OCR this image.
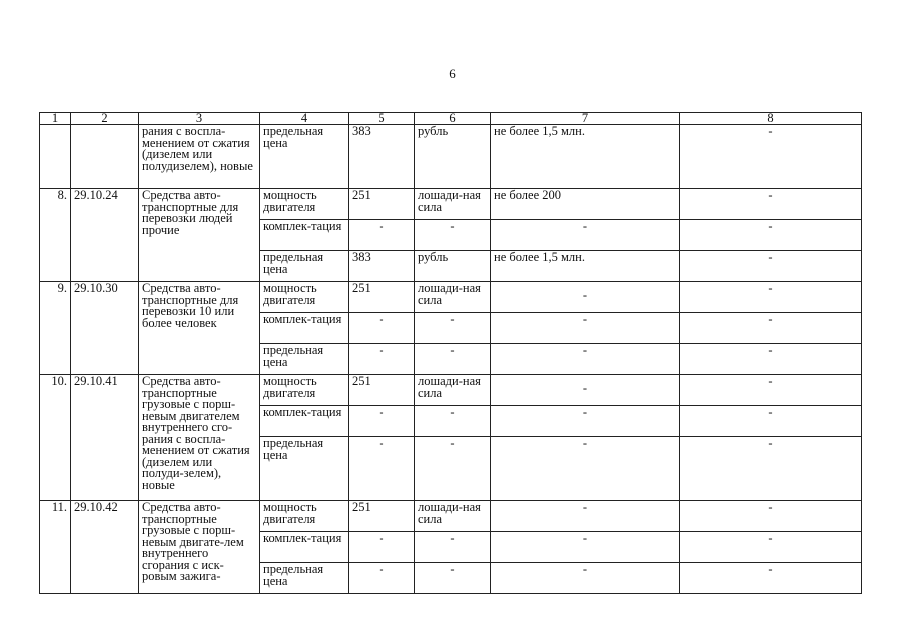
6
1	2	3	4	5	6	7	8
		рания с воспла-менением от сжатия (дизелем или полудизелем), новые	предельная цена	383	рубль	не более 1,5 млн.	-
8.	29.10.24	Средства авто-транспортные для перевозки людей прочие	мощность двигателя	251	лошади-ная сила	не более 200	-
			комплек-тация	-	-	-	-
			предельная цена	383	рубль	не более 1,5 млн.	-
9.	29.10.30	Средства авто-транспортные для перевозки 10 или более человек	мощность двигателя	251	лошади-ная сила	-	-
			комплек-тация	-	-	-	-
			предельная цена	-	-	-	-
10.	29.10.41	Средства авто-транспортные грузовые с порш-невым двигателем внутреннего сго-рания с воспла-менением от сжатия (дизелем или полуди-зелем), новые	мощность двигателя	251	лошади-ная сила	-	-
			комплек-тация	-	-	-	-
			предельная цена	-	-	-	-
11.	29.10.42	Средства авто-транспортные грузовые с порш-невым двигате-лем внутреннего сгорания с иск-ровым зажига-	мощность двигателя	251	лошади-ная сила	-	-
			комплек-тация	-	-	-	-
			предельная цена	-	-	-	-
